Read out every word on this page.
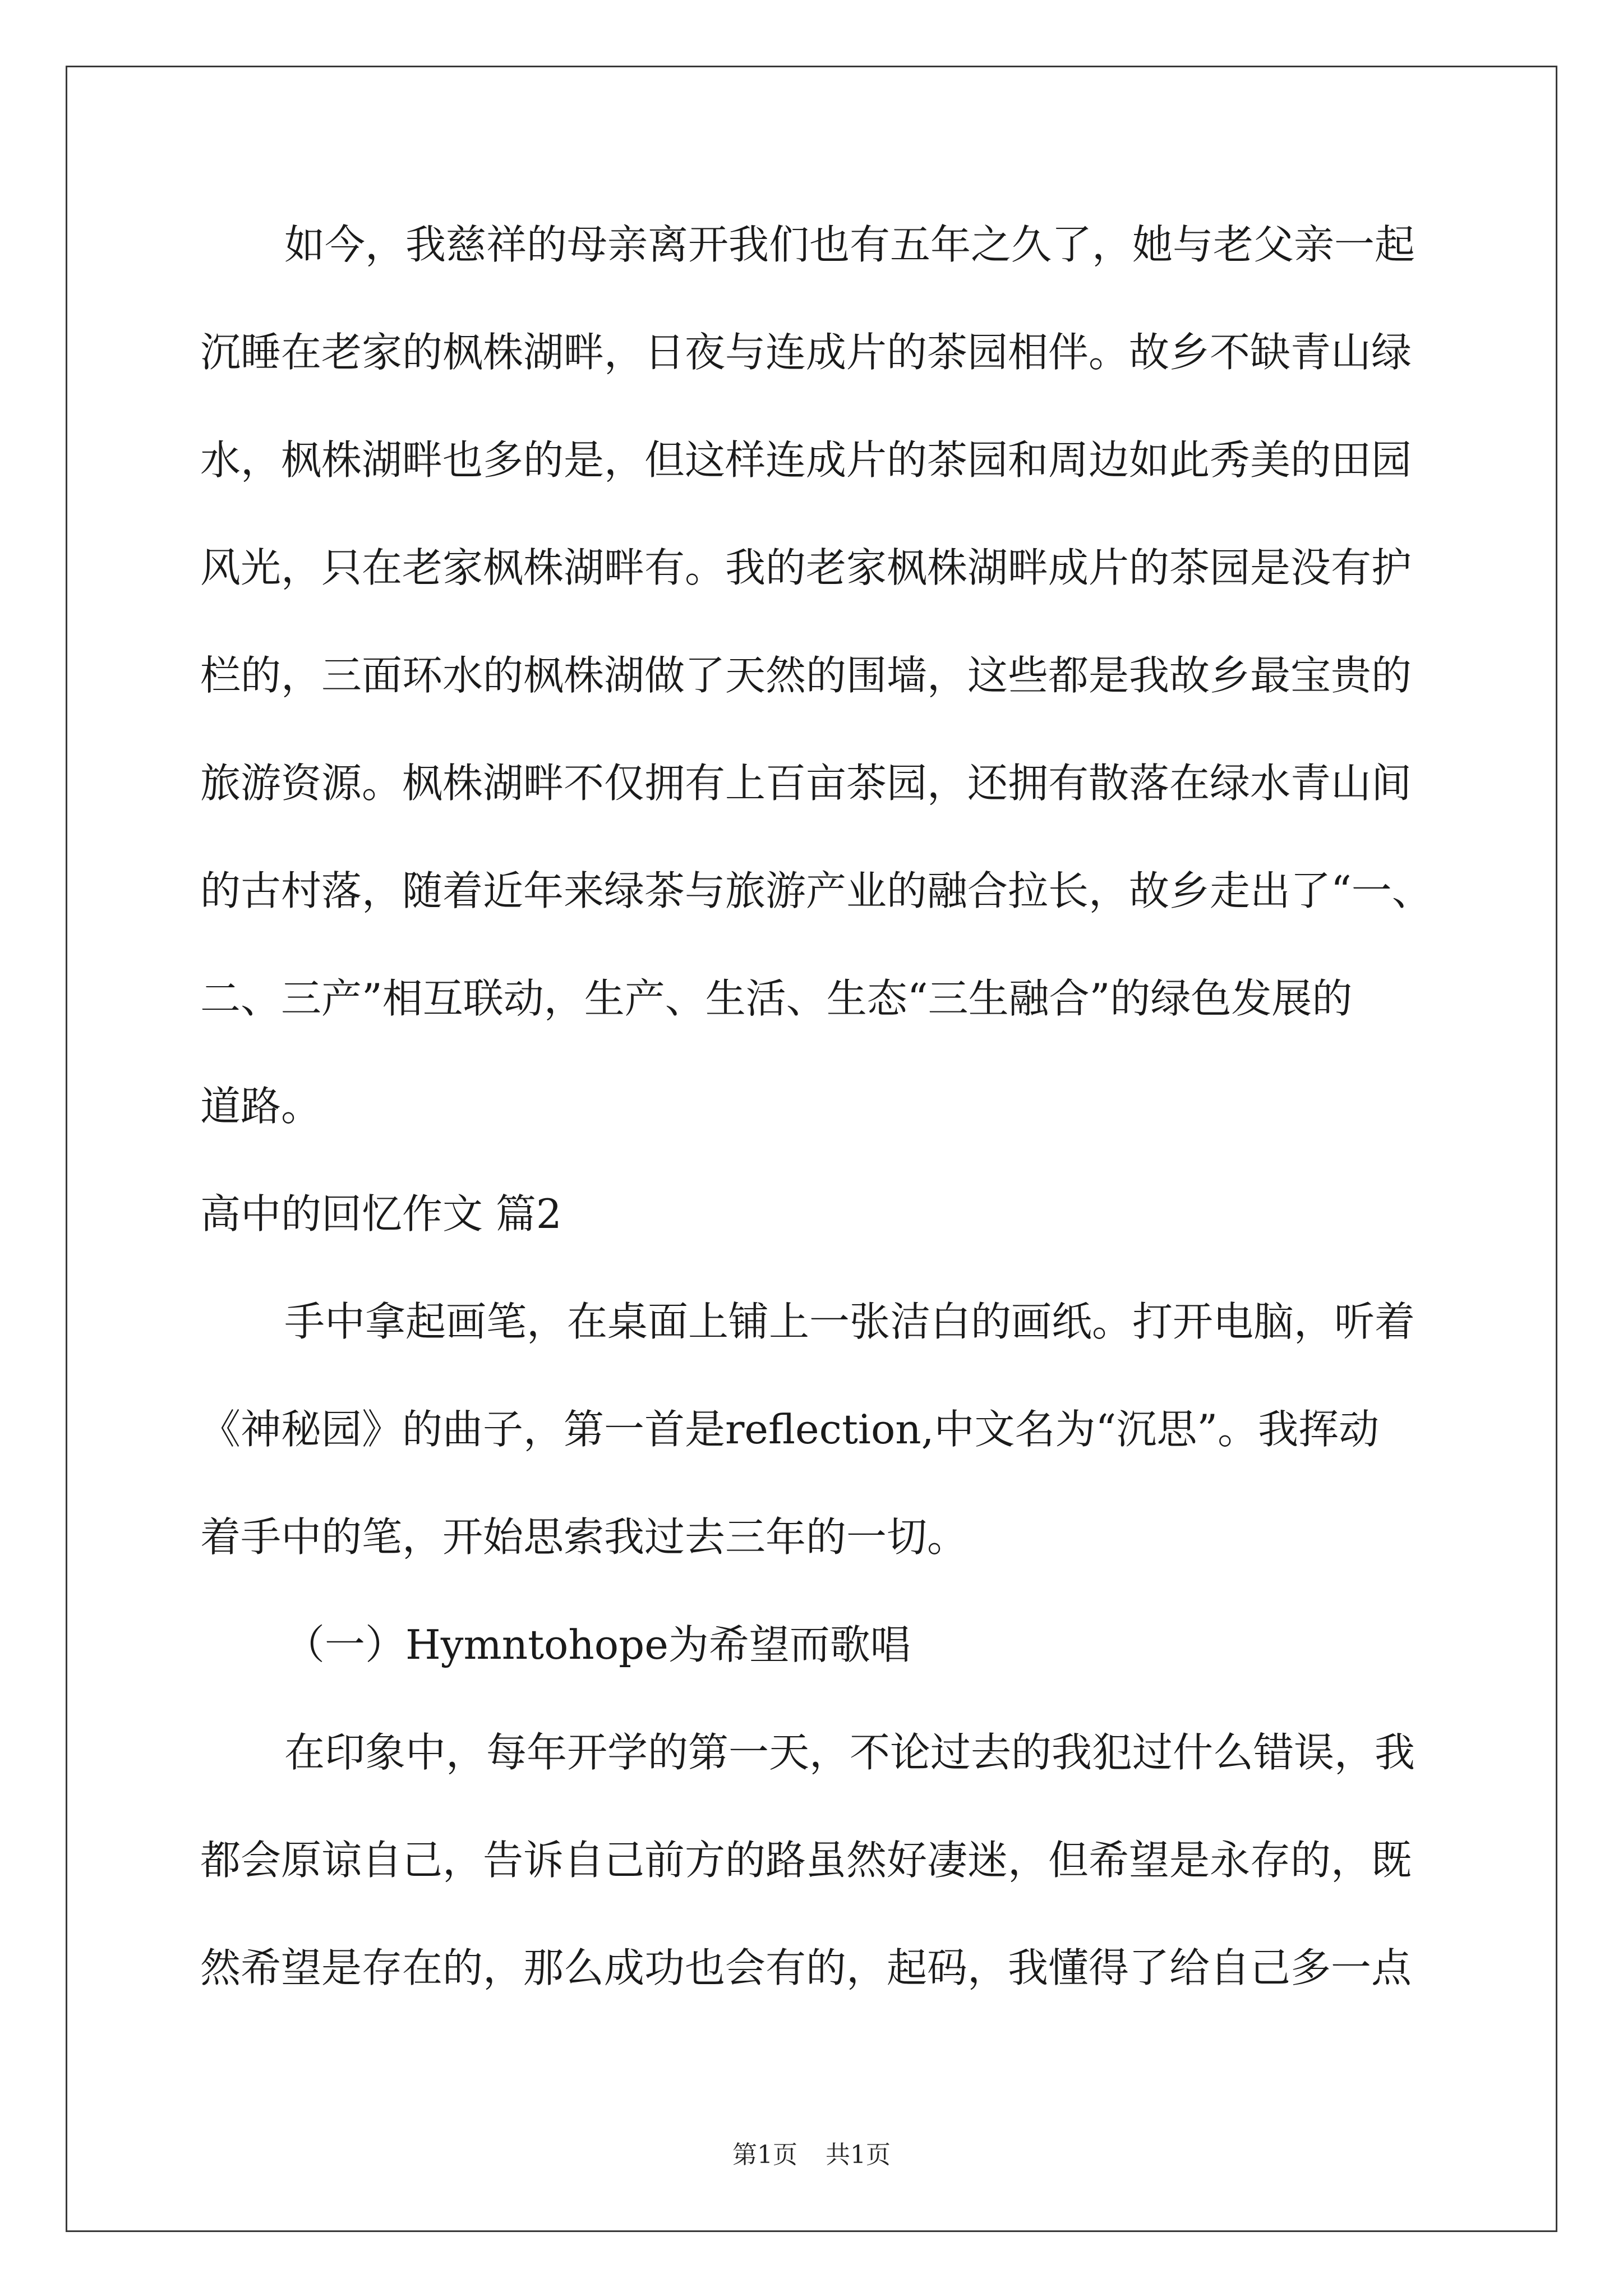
如今，我慈祥的母亲离开我们也有五年之久了，她与老父亲一起
沉睡在老家的枫株湖畔，日夜与连成片的茶园相伴。故乡不缺青山绿
水，枫株湖畔也多的是，但这样连成片的茶园和周边如此秀美的田园
风光，只在老家枫株湖畔有。我的老家枫株湖畔成片的茶园是没有护
栏的，三面环水的枫株湖做了天然的围墙，这些都是我故乡最宝贵的
旅游资源。枫株湖畔不仅拥有上百亩茶园，还拥有散落在绿水青山间
的古村落，随着近年来绿茶与旅游产业的融合拉长，故乡走出了“一、
二、三产”相互联动，生产、生活、生态“三生融合”的绿色发展的
道路。
高中的回忆作文 篇2
手中拿起画笔，在桌面上铺上一张洁白的画纸。打开电脑，听着
《神秘园》的曲子，第一首是reflection,中文名为“沉思”。我挥动
着手中的笔，开始思索我过去三年的一切。
（一）Hymntohope为希望而歌唱
在印象中，每年开学的第一天，不论过去的我犯过什么错误，我
都会原谅自己，告诉自己前方的路虽然好凄迷，但希望是永存的，既
然希望是存在的，那么成功也会有的，起码，我懂得了给自己多一点
第1页 共1页
